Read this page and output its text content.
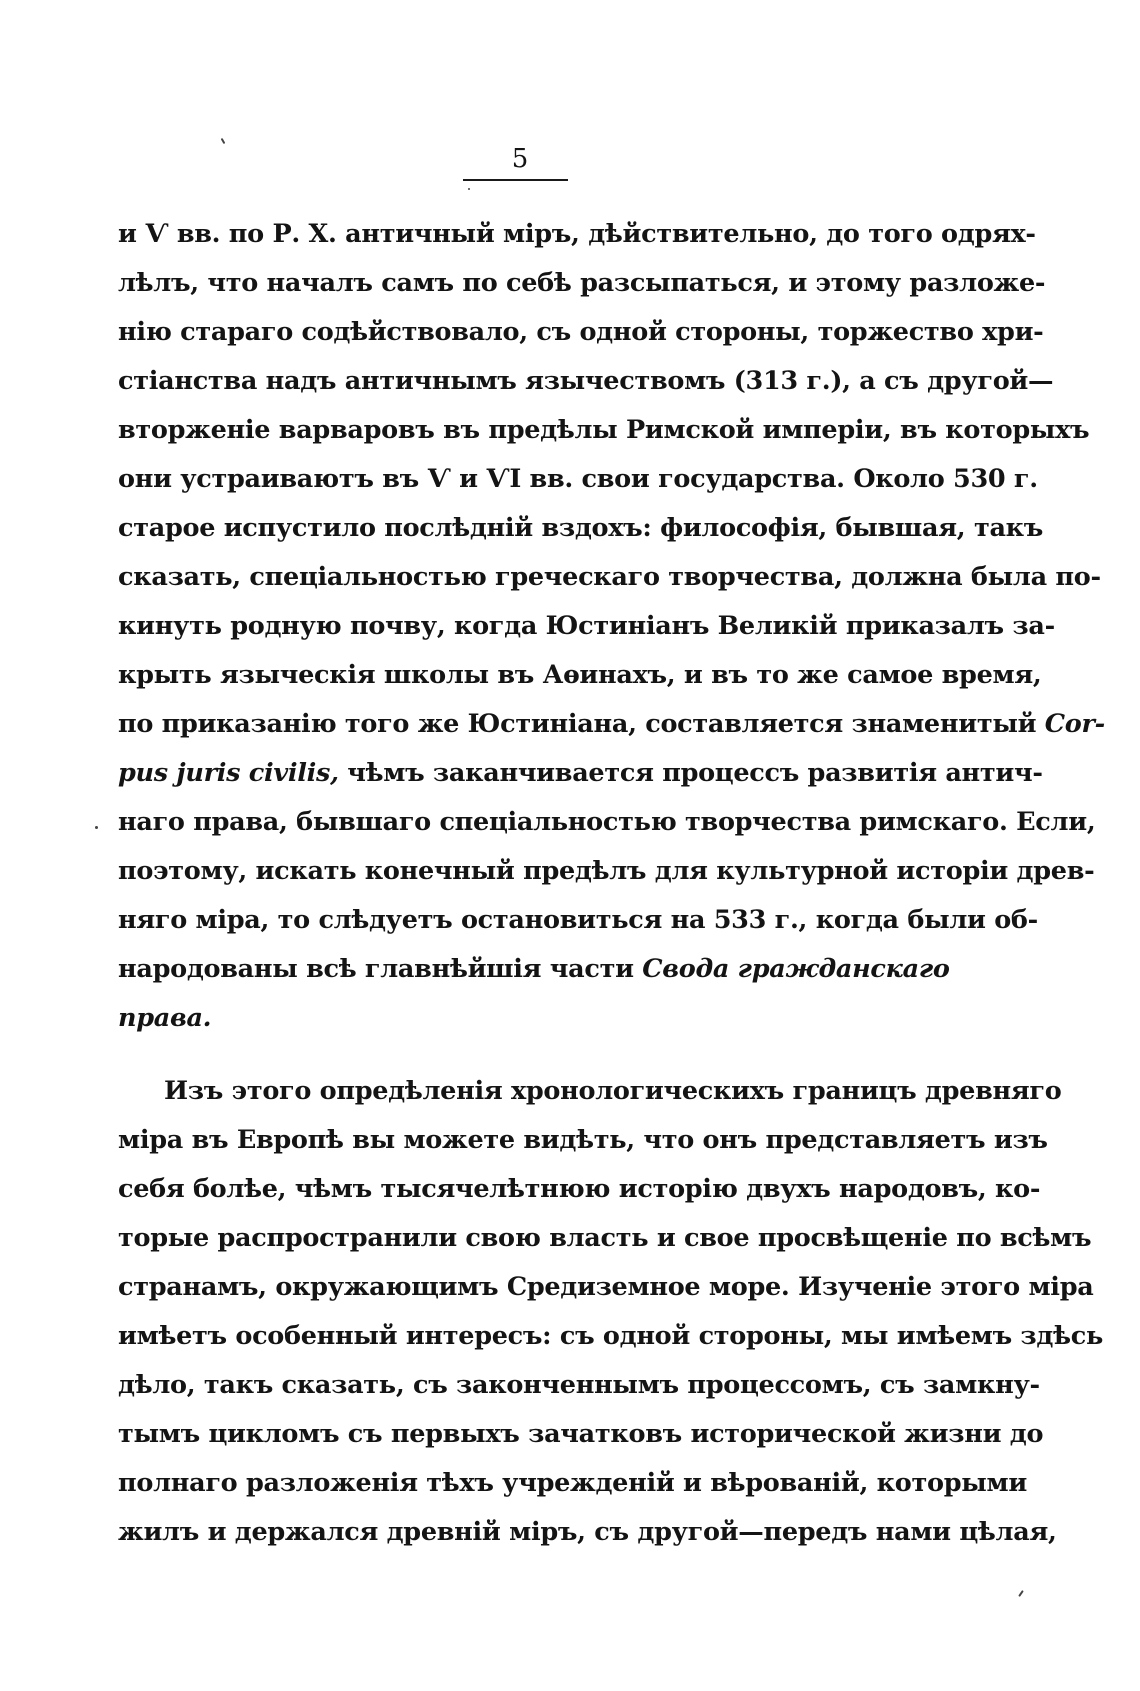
5
и Ѵ вв. по Р. X. античный міръ, дѣйствительно, до того одрях-
лѣлъ, что началъ самъ по себѣ разсыпаться, и этому разложе-
нію стараго содѣйствовало, съ одной стороны, торжество хри-
стіанства надъ античнымъ язычествомъ (313 г.), а съ другой—
вторженіе варваровъ въ предѣлы Римской имперіи, въ которыхъ
они устраиваютъ въ Ѵ и ѴІ вв. свои государства. Около 530 г.
старое испустило послѣдній вздохъ: философія, бывшая, такъ
сказать, спеціальностью греческаго творчества, должна была по-
кинуть родную почву, когда Юстиніанъ Великій приказалъ за-
крыть языческія школы въ Аѳинахъ, и въ то же самое время,
по приказанію того же Юстиніана, составляется знаменитый Cor-
pus juris civilis, чѣмъ заканчивается процессъ развитія антич-
наго права, бывшаго спеціальностью творчества римскаго. Если,
поэтому, искать конечный предѣлъ для культурной исторіи древ-
няго міра, то слѣдуетъ остановиться на 533 г., когда были об-
народованы всѣ главнѣйшія части Свода гражданскаго
права.
Изъ этого опредѣленія хронологическихъ границъ древняго
міра въ Европѣ вы можете видѣть, что онъ представляетъ изъ
себя болѣе, чѣмъ тысячелѣтнюю исторію двухъ народовъ, ко-
торые распространили свою власть и свое просвѣщеніе по всѣмъ
странамъ, окружающимъ Средиземное море. Изученіе этого міра
имѣетъ особенный интересъ: съ одной стороны, мы имѣемъ здѣсь
дѣло, такъ сказать, съ законченнымъ процессомъ, съ замкну-
тымъ цикломъ съ первыхъ зачатковъ исторической жизни до
полнаго разложенія тѣхъ учрежденій и вѣрованій, которыми
жилъ и держался древній міръ, съ другой—передъ нами цѣлая,
